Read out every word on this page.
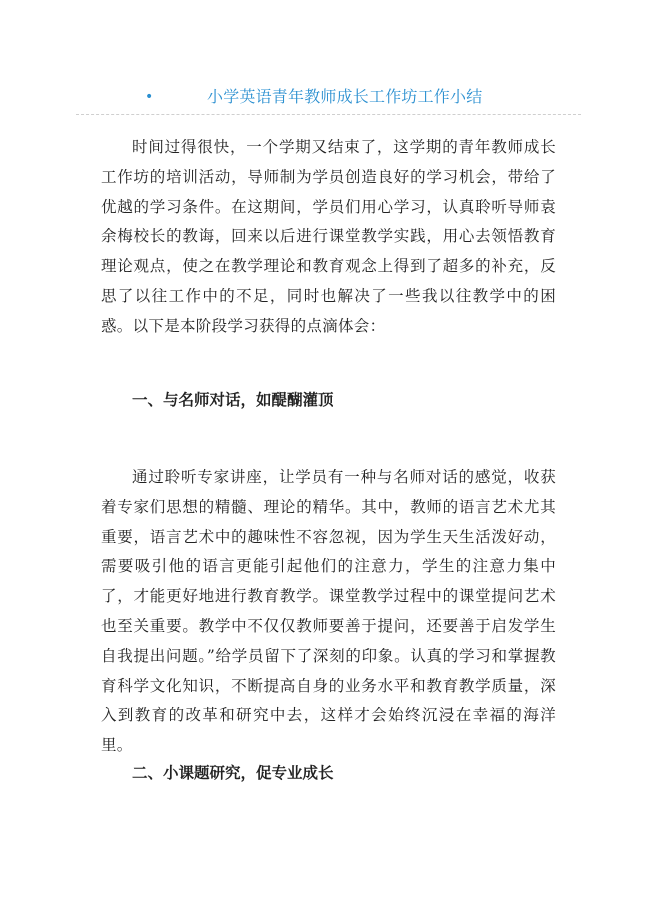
•	小学英语青年教师成长工作坊工作小结

时间过得很快，一个学期又结束了，这学期的青年教师成长工作坊的培训活动，导师制为学员创造良好的学习机会，带给了优越的学习条件。在这期间，学员们用心学习，认真聆听导师袁余梅校长的教诲，回来以后进行课堂教学实践，用心去领悟教育理论观点，使之在教学理论和教育观念上得到了超多的补充，反思了以往工作中的不足，同时也解决了一些我以往教学中的困惑。以下是本阶段学习获得的点滴体会：

一、与名师对话，如醍醐灌顶

通过聆听专家讲座，让学员有一种与名师对话的感觉，收获着专家们思想的精髓、理论的精华。其中，教师的语言艺术尤其重要，语言艺术中的趣味性不容忽视，因为学生天生活泼好动，需要吸引他的语言更能引起他们的注意力，学生的注意力集中了，才能更好地进行教育教学。课堂教学过程中的课堂提问艺术也至关重要。教学中不仅仅教师要善于提问，还要善于启发学生自我提出问题。”给学员留下了深刻的印象。认真的学习和掌握教育科学文化知识，不断提高自身的业务水平和教育教学质量，深入到教育的改革和研究中去，这样才会始终沉浸在幸福的海洋里。

二、小课题研究，促专业成长
